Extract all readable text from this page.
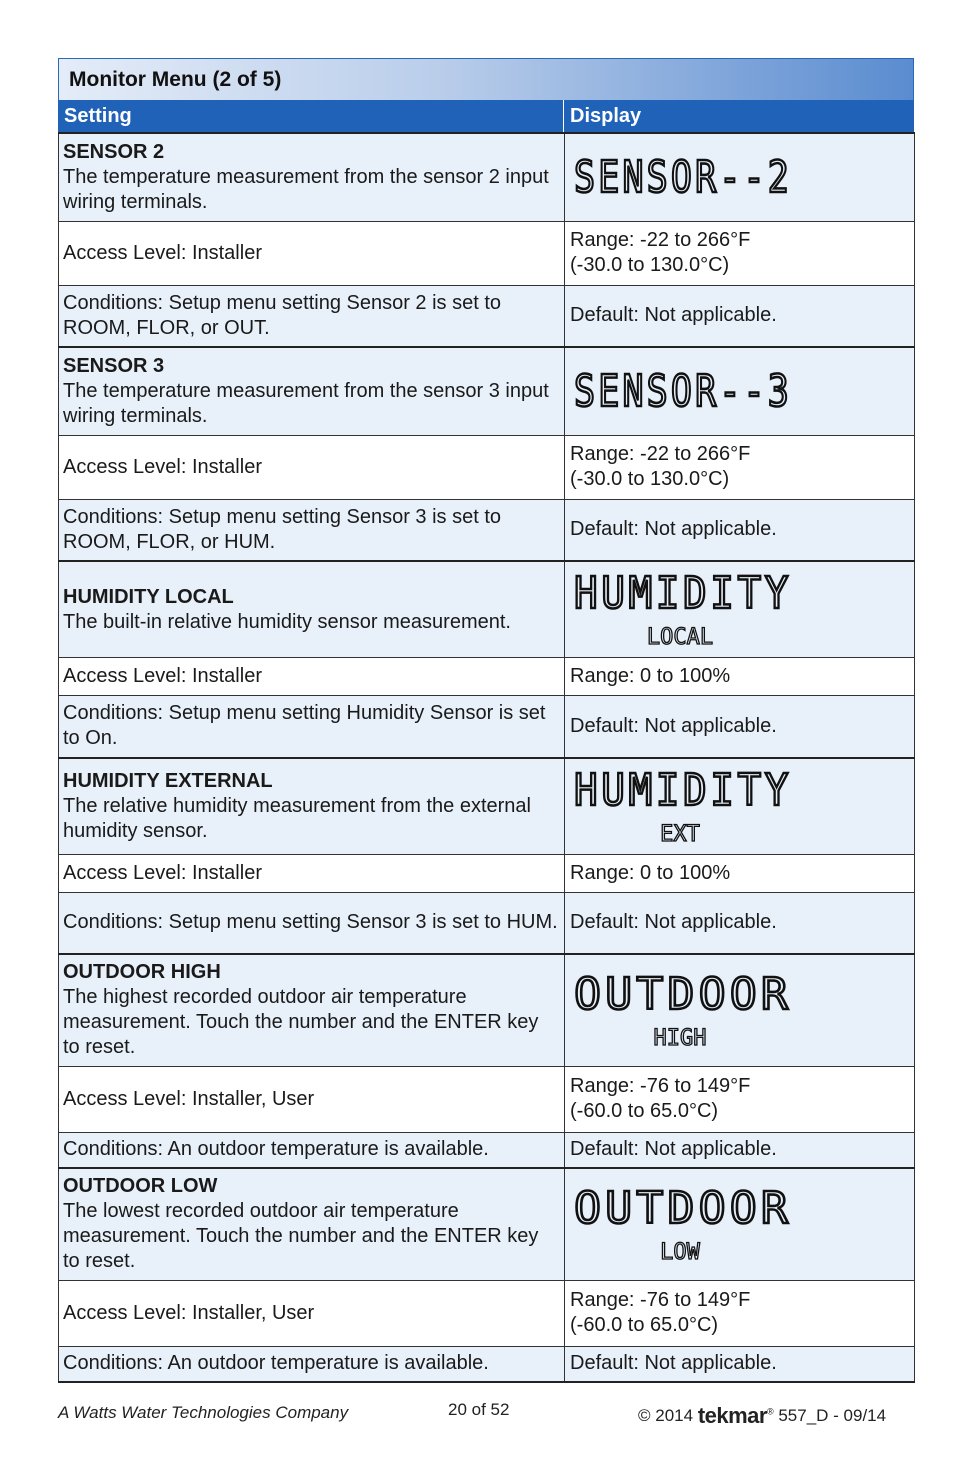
Monitor Menu (2 of 5)
Setting	Display
SENSOR 2
The temperature measurement from the sensor 2 input wiring terminals.	SENSOR--2

Access Level: Installer	Range: -22 to 266°F
(-30.0 to 130.0°C)

Conditions: Setup menu setting Sensor 2 is set to ROOM, FLOR, or OUT.	Default: Not applicable.

SENSOR 3
The temperature measurement from the sensor 3 input wiring terminals.	SENSOR--3

Access Level: Installer	Range: -22 to 266°F
(-30.0 to 130.0°C)

Conditions: Setup menu setting Sensor 3 is set to ROOM, FLOR, or HUM.	Default: Not applicable.

HUMIDITY LOCAL
The built-in relative humidity sensor measurement.	HUMIDITY
LOCAL

Access Level: Installer	Range: 0 to 100%

Conditions: Setup menu setting Humidity Sensor is set to On.	Default: Not applicable.

HUMIDITY EXTERNAL
The relative humidity measurement from the external humidity sensor.	HUMIDITY
EXT

Access Level: Installer	Range: 0 to 100%

Conditions: Setup menu setting Sensor 3 is set to HUM.	Default: Not applicable.

OUTDOOR HIGH
The highest recorded outdoor air temperature measurement. Touch the number and the ENTER key to reset.	OUTDOOR
HIGH

Access Level: Installer, User	Range: -76 to 149°F
(-60.0 to 65.0°C)

Conditions: An outdoor temperature is available.	Default: Not applicable.

OUTDOOR LOW
The lowest recorded outdoor air temperature measurement. Touch the number and the ENTER key to reset.	OUTDOOR
LOW

Access Level: Installer, User	Range: -76 to 149°F
(-60.0 to 65.0°C)

Conditions: An outdoor temperature is available.	Default: Not applicable.
A Watts Water Technologies Company	20 of 52	© 2014 tekmar® 557_D - 09/14
